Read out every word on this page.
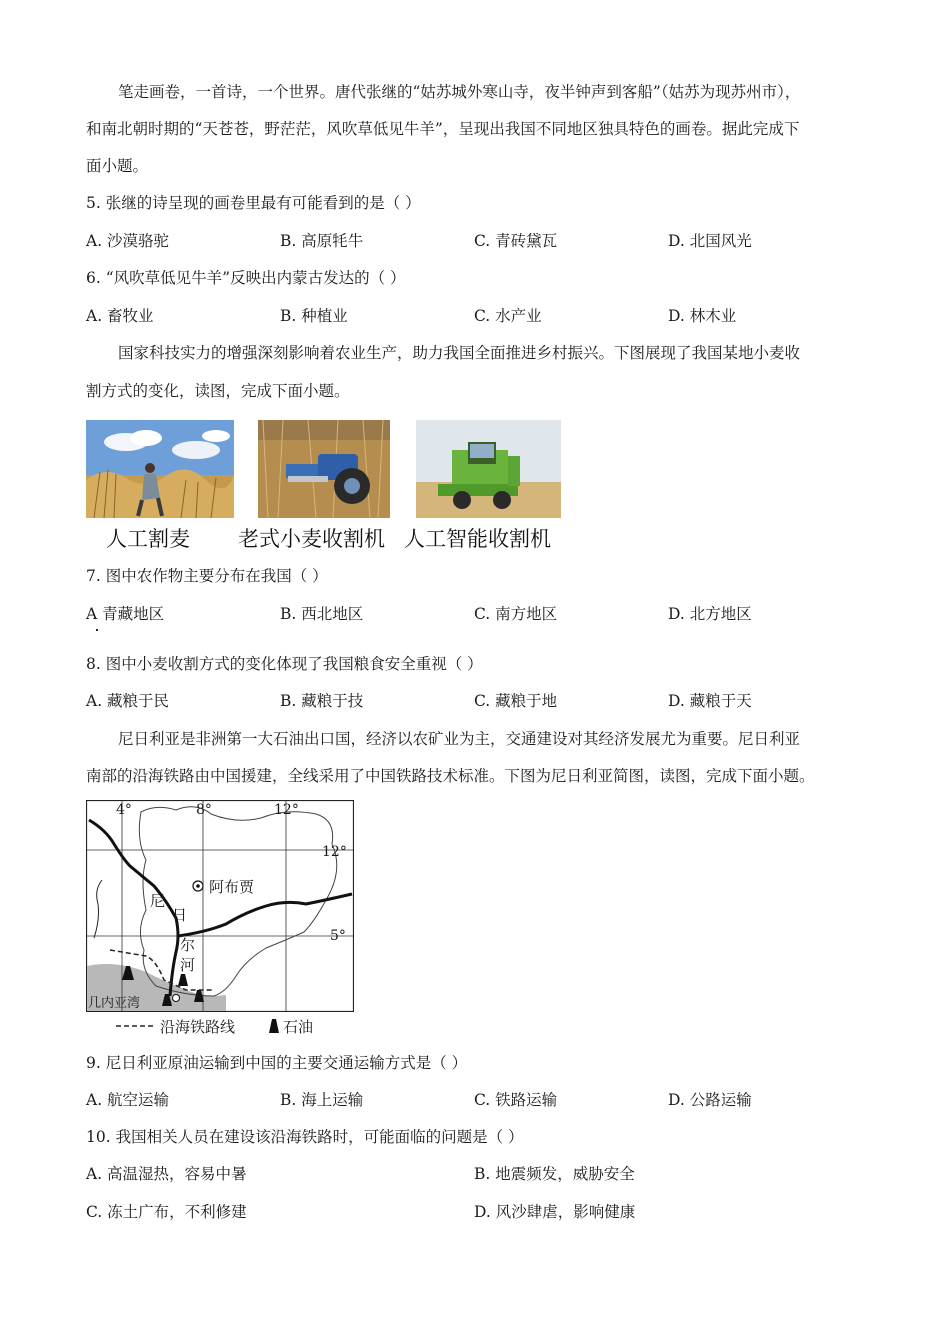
笔走画卷，一首诗，一个世界。唐代张继的“姑苏城外寒山寺，夜半钟声到客船”（姑苏为现苏州市），
和南北朝时期的“天苍苍，野茫茫，风吹草低见牛羊”，呈现出我国不同地区独具特色的画卷。据此完成下
面小题。
5. 张继的诗呈现的画卷里最有可能看到的是（ ）
A. 沙漠骆驼	B. 高原牦牛	C. 青砖黛瓦	D. 北国风光
6. “风吹草低见牛羊”反映出内蒙古发达的（ ）
A. 畜牧业	B. 种植业	C. 水产业	D. 林木业
国家科技实力的增强深刻影响着农业生产，助力我国全面推进乡村振兴。下图展现了我国某地小麦收
割方式的变化，读图，完成下面小题。
人工割麦 老式小麦收割机 人工智能收割机
7. 图中农作物主要分布在我国（ ）
A 青藏地区	B. 西北地区	C. 南方地区	D. 北方地区
8. 图中小麦收割方式的变化体现了我国粮食安全重视（ ）
A. 藏粮于民	B. 藏粮于技	C. 藏粮于地	D. 藏粮于天
尼日利亚是非洲第一大石油出口国，经济以农矿业为主，交通建设对其经济发展尤为重要。尼日利亚
南部的沿海铁路由中国援建，全线采用了中国铁路技术标准。下图为尼日利亚简图，读图，完成下面小题。
4°	8°	12°
12°
5°
阿布贾
尼
日
尔
河
几内亚湾
沿海铁路线	石油
9. 尼日利亚原油运输到中国的主要交通运输方式是（ ）
A. 航空运输	B. 海上运输	C. 铁路运输	D. 公路运输
10. 我国相关人员在建设该沿海铁路时，可能面临的问题是（ ）
A. 高温湿热，容易中暑	B. 地震频发，威胁安全
C. 冻土广布，不利修建	D. 风沙肆虐，影响健康
